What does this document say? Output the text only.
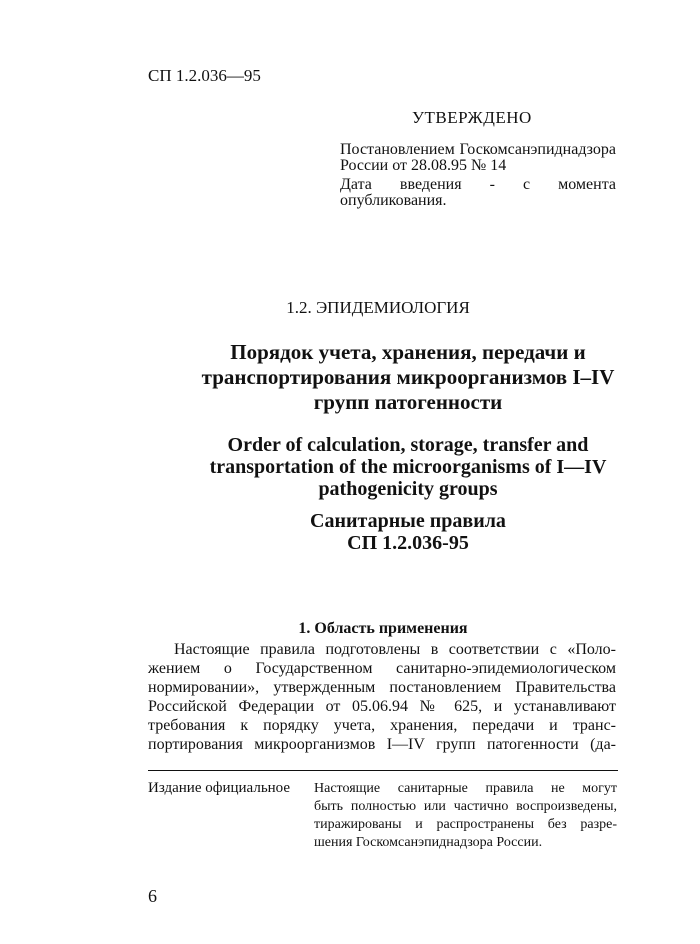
СП 1.2.036—95
УТВЕРЖДЕНО

Постановлением Госкомсанэпиднадзора России от 28.08.95 № 14

Дата введения - с момента опубликования.

1.2. ЭПИДЕМИОЛОГИЯ
Порядок учета, хранения, передачи и
транспортирования микроорганизмов I–IV
групп патогенности
Order of calculation, storage, transfer and
transportation of the microorganisms of I—IV
pathogenicity groups
Санитарные правила
СП 1.2.036-95
1. Область применения
Настоящие правила подготовлены в соответствии с «Поло-
жением о Государственном санитарно-эпидемиологическом
нормировании», утвержденным постановлением Правительства
Российской Федерации от 05.06.94 № 625, и устанавливают
требования к порядку учета, хранения, передачи и транс-
портирования микроорганизмов I—IV групп патогенности (да-
Издание официальное Настоящие санитарные правила не могут
быть полностью или частично воспроизведены,
тиражированы и распространены без разре-
шения Госкомсанэпиднадзора России.
6
